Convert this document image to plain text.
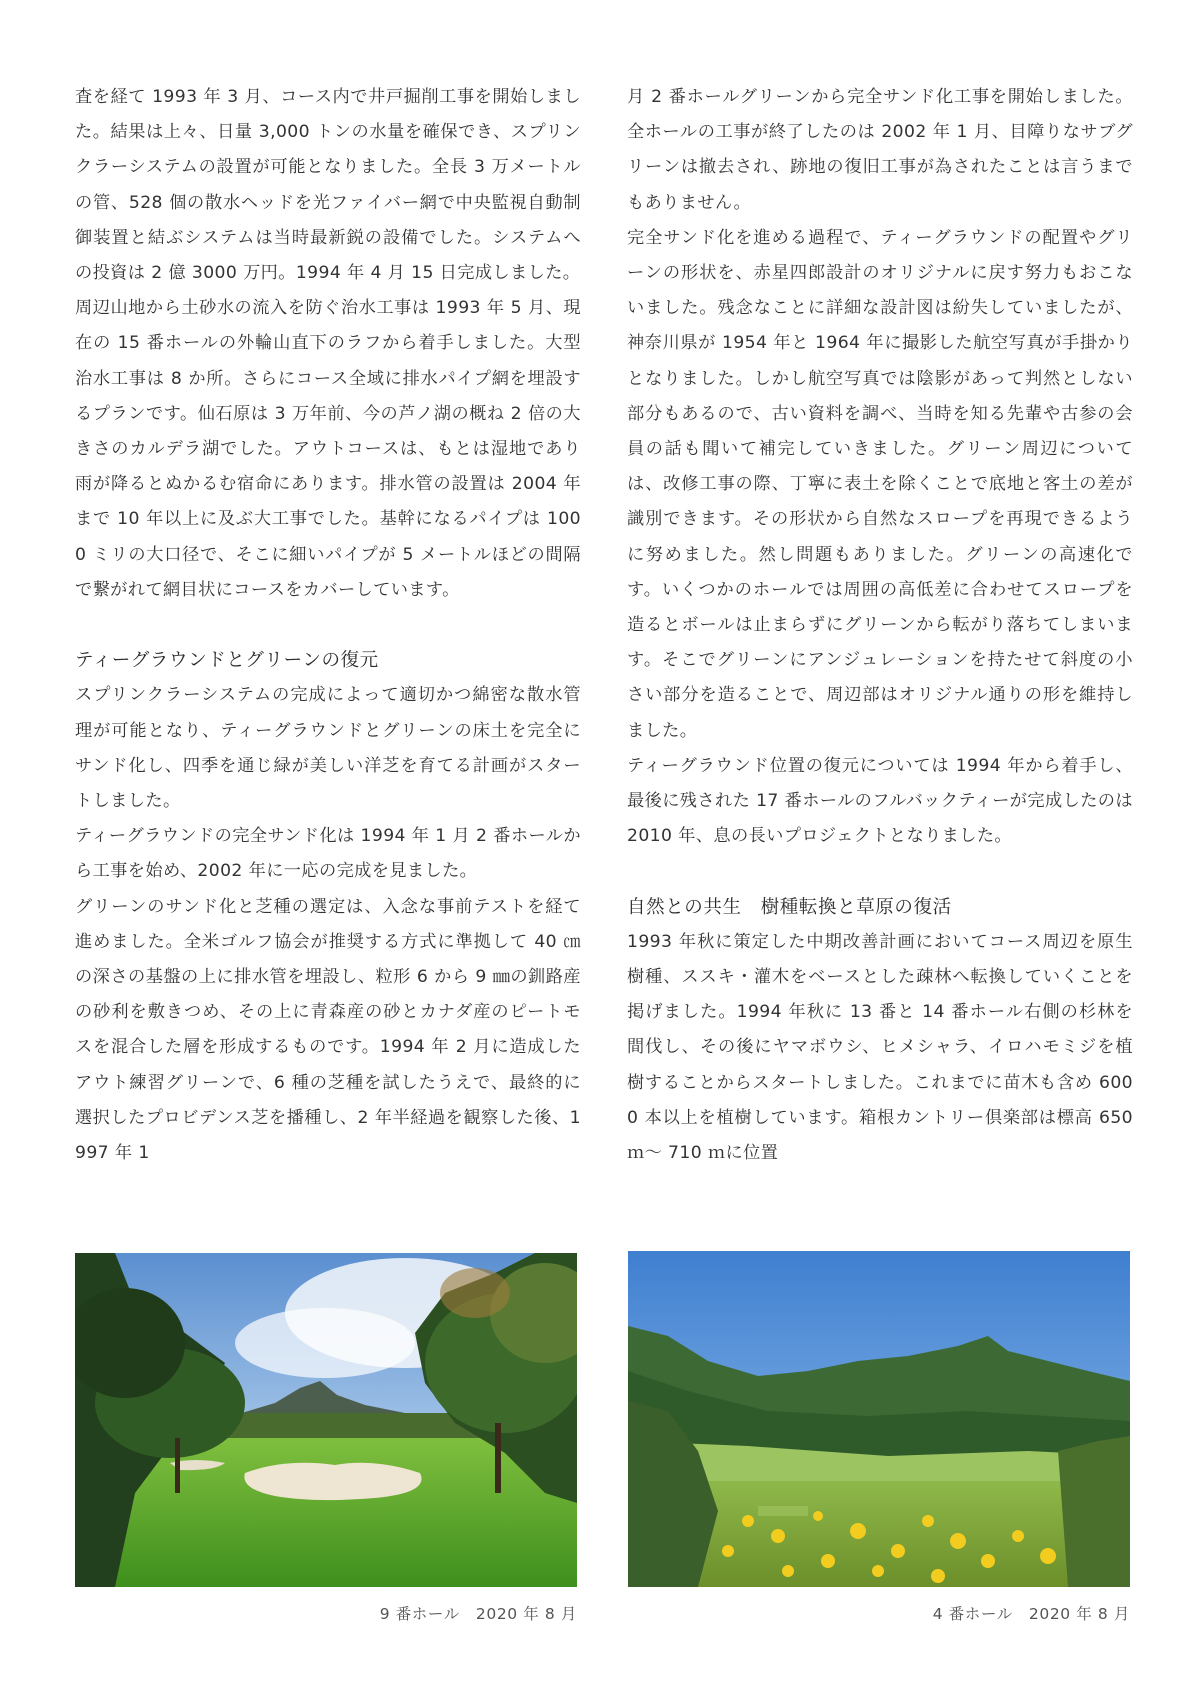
査を経て 1993 年 3 月、コース内で井戸掘削工事を開始しました。結果は上々、日量 3,000 トンの水量を確保でき、スプリンクラーシステムの設置が可能となりました。全長 3 万メートルの管、528 個の散水ヘッドを光ファイバー網で中央監視自動制御装置と結ぶシステムは当時最新鋭の設備でした。システムへの投資は 2 億 3000 万円。1994 年 4 月 15 日完成しました。

周辺山地から土砂水の流入を防ぐ治水工事は 1993 年 5 月、現在の 15 番ホールの外輪山直下のラフから着手しました。大型治水工事は 8 か所。さらにコース全域に排水パイプ網を埋設するプランです。仙石原は 3 万年前、今の芦ノ湖の概ね 2 倍の大きさのカルデラ湖でした。アウトコースは、もとは湿地であり雨が降るとぬかるむ宿命にあります。排水管の設置は 2004 年まで 10 年以上に及ぶ大工事でした。基幹になるパイプは 1000 ミリの大口径で、そこに細いパイプが 5 メートルほどの間隔で繋がれて網目状にコースをカバーしています。

ティーグラウンドとグリーンの復元

スプリンクラーシステムの完成によって適切かつ綿密な散水管理が可能となり、ティーグラウンドとグリーンの床土を完全にサンド化し、四季を通じ緑が美しい洋芝を育てる計画がスタートしました。

ティーグラウンドの完全サンド化は 1994 年 1 月 2 番ホールから工事を始め、2002 年に一応の完成を見ました。

グリーンのサンド化と芝種の選定は、入念な事前テストを経て進めました。全米ゴルフ協会が推奨する方式に準拠して 40 ㎝の深さの基盤の上に排水管を埋設し、粒形 6 から 9 ㎜の釧路産の砂利を敷きつめ、その上に青森産の砂とカナダ産のピートモスを混合した層を形成するものです。1994 年 2 月に造成したアウト練習グリーンで、6 種の芝種を試したうえで、最終的に選択したプロビデンス芝を播種し、2 年半経過を観察した後、1997 年 1

月 2 番ホールグリーンから完全サンド化工事を開始しました。全ホールの工事が終了したのは 2002 年 1 月、目障りなサブグリーンは撤去され、跡地の復旧工事が為されたことは言うまでもありません。

完全サンド化を進める過程で、ティーグラウンドの配置やグリーンの形状を、赤星四郎設計のオリジナルに戻す努力もおこないました。残念なことに詳細な設計図は紛失していましたが、神奈川県が 1954 年と 1964 年に撮影した航空写真が手掛かりとなりました。しかし航空写真では陰影があって判然としない部分もあるので、古い資料を調べ、当時を知る先輩や古参の会員の話も聞いて補完していきました。グリーン周辺については、改修工事の際、丁寧に表土を除くことで底地と客土の差が識別できます。その形状から自然なスロープを再現できるように努めました。然し問題もありました。グリーンの高速化です。いくつかのホールでは周囲の高低差に合わせてスロープを造るとボールは止まらずにグリーンから転がり落ちてしまいます。そこでグリーンにアンジュレーションを持たせて斜度の小さい部分を造ることで、周辺部はオリジナル通りの形を維持しました。

ティーグラウンド位置の復元については 1994 年から着手し、最後に残された 17 番ホールのフルバックティーが完成したのは 2010 年、息の長いプロジェクトとなりました。

自然との共生　樹種転換と草原の復活

1993 年秋に策定した中期改善計画においてコース周辺を原生樹種、ススキ・灌木をベースとした疎林へ転換していくことを掲げました。1994 年秋に 13 番と 14 番ホール右側の杉林を間伐し、その後にヤマボウシ、ヒメシャラ、イロハモミジを植樹することからスタートしました。これまでに苗木も含め 6000 本以上を植樹しています。箱根カントリー倶楽部は標高 650 ｍ～ 710 ｍに位置

9 番ホール　2020 年 8 月	4 番ホール　2020 年 8 月
